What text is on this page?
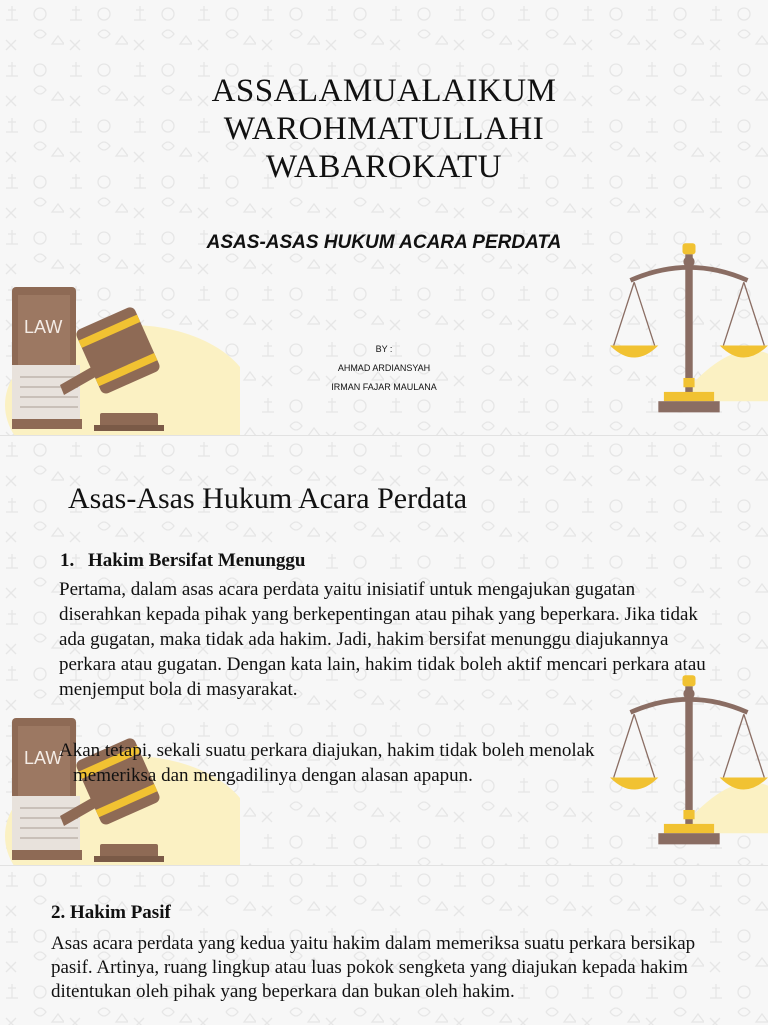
ASSALAMUALAIKUM
WAROHMATULLAHI
WABAROKATU
ASAS-ASAS HUKUM ACARA PERDATA
BY :
AHMAD ARDIANSYAH
IRMAN FAJAR MAULANA
LAW
LAW
Asas-Asas Hukum Acara Perdata
1. Hakim Bersifat Menunggu
Pertama, dalam asas acara perdata yaitu inisiatif untuk mengajukan gugatan diserahkan kepada pihak yang berkepentingan atau pihak yang beperkara. Jika tidak ada gugatan, maka tidak ada hakim. Jadi, hakim bersifat menunggu diajukannya perkara atau gugatan. Dengan kata lain, hakim tidak boleh aktif mencari perkara atau menjemput bola di masyarakat.
Akan tetapi, sekali suatu perkara diajukan, hakim tidak boleh menolak
memeriksa dan mengadilinya dengan alasan apapun.
2. Hakim Pasif
Asas acara perdata yang kedua yaitu hakim dalam memeriksa suatu perkara bersikap pasif. Artinya, ruang lingkup atau luas pokok sengketa yang diajukan kepada hakim ditentukan oleh pihak yang beperkara dan bukan oleh hakim.
